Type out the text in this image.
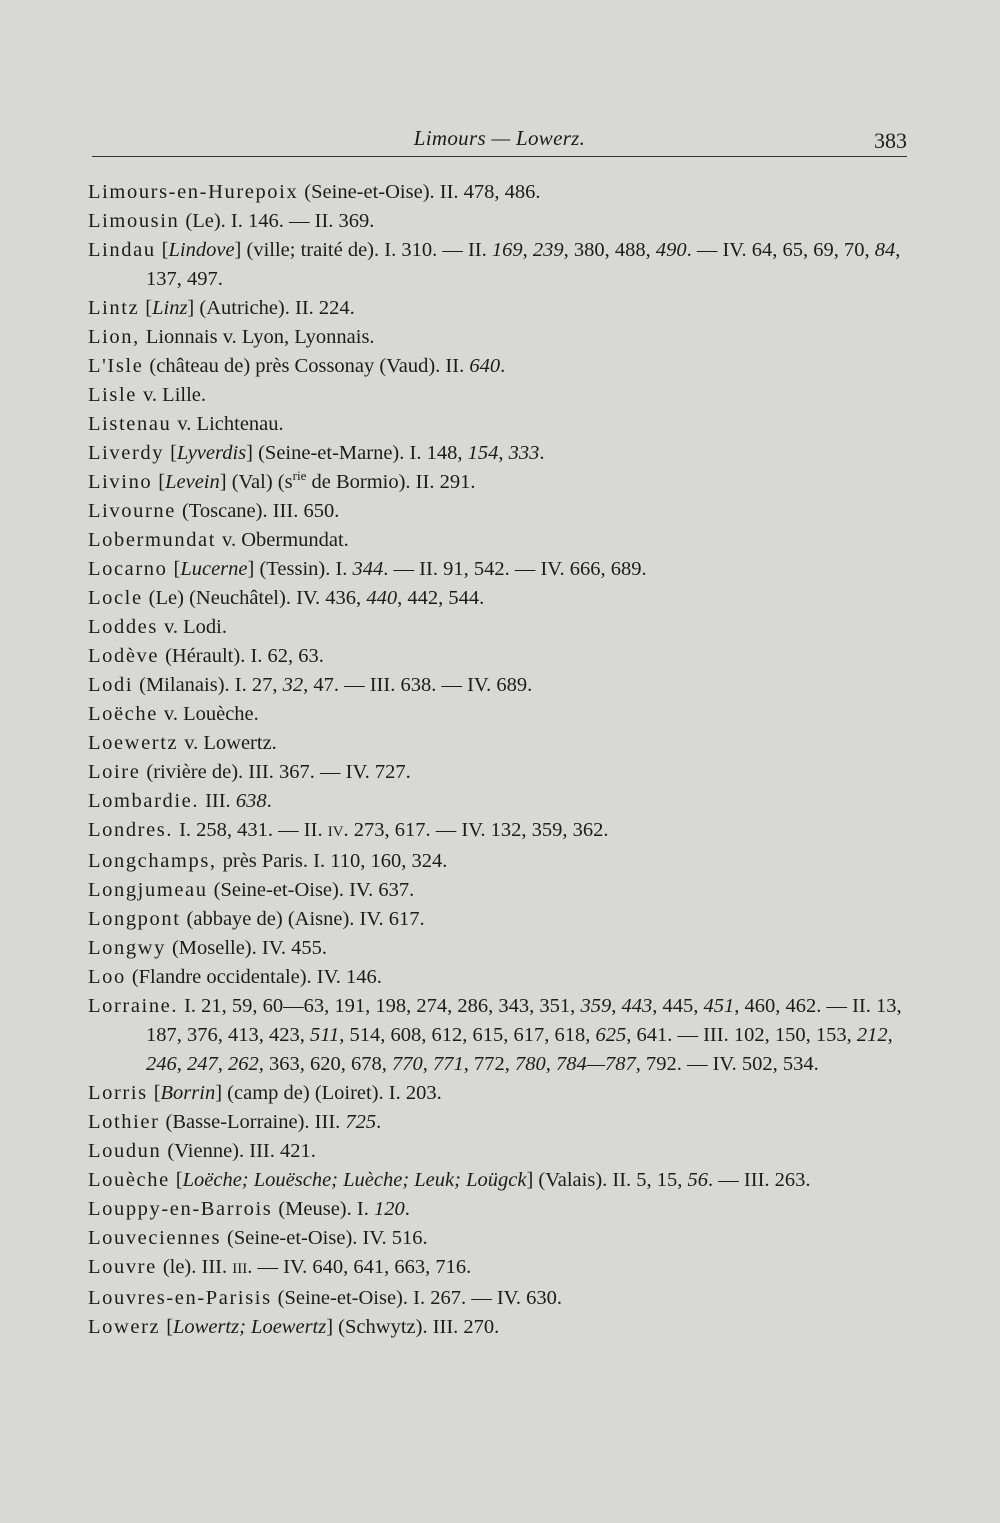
Limours — Lowerz.	383
Limours-en-Hurepoix (Seine-et-Oise). II. 478, 486.
Limousin (Le). I. 146. — II. 369.
Lindau [Lindove] (ville; traité de). I. 310. — II. 169, 239, 380, 488, 490. — IV. 64, 65, 69, 70, 84, 137, 497.
Lintz [Linz] (Autriche). II. 224.
Lion, Lionnais v. Lyon, Lyonnais.
L'Isle (château de) près Cossonay (Vaud). II. 640.
Lisle v. Lille.
Listenau v. Lichtenau.
Liverdy [Lyverdis] (Seine-et-Marne). I. 148, 154, 333.
Livino [Levein] (Val) ($s^{rie}$ de Bormio). II. 291.
Livourne (Toscane). III. 650.
Lobermundat v. Obermundat.
Locarno [Lucerne] (Tessin). I. 344. — II. 91, 542. — IV. 666, 689.
Locle (Le) (Neuchâtel). IV. 436, 440, 442, 544.
Loddes v. Lodi.
Lodève (Hérault). I. 62, 63.
Lodi (Milanais). I. 27, 32, 47. — III. 638. — IV. 689.
Loëche v. Louèche.
Loewertz v. Lowertz.
Loire (rivière de). III. 367. — IV. 727.
Lombardie. III. 638.
Londres. I. 258, 431. — II. IV. 273, 617. — IV. 132, 359, 362.
Longchamps, près Paris. I. 110, 160, 324.
Longjumeau (Seine-et-Oise). IV. 637.
Longpont (abbaye de) (Aisne). IV. 617.
Longwy (Moselle). IV. 455.
Loo (Flandre occidentale). IV. 146.
Lorraine. I. 21, 59, 60—63, 191, 198, 274, 286, 343, 351, 359, 443, 445, 451, 460, 462. — II. 13, 187, 376, 413, 423, 511, 514, 608, 612, 615, 617, 618, 625, 641. — III. 102, 150, 153, 212, 246, 247, 262, 363, 620, 678, 770, 771, 772, 780, 784—787, 792. — IV. 502, 534.
Lorris [Borrin] (camp de) (Loiret). I. 203.
Lothier (Basse-Lorraine). III. 725.
Loudun (Vienne). III. 421.
Louèche [Loëche; Louësche; Luèche; Leuk; Loügck] (Valais). II. 5, 15, 56. — III. 263.
Louppy-en-Barrois (Meuse). I. 120.
Louveciennes (Seine-et-Oise). IV. 516.
Louvre (le). III. III. — IV. 640, 641, 663, 716.
Louvres-en-Parisis (Seine-et-Oise). I. 267. — IV. 630.
Lowerz [Lowertz; Loewertz] (Schwytz). III. 270.
